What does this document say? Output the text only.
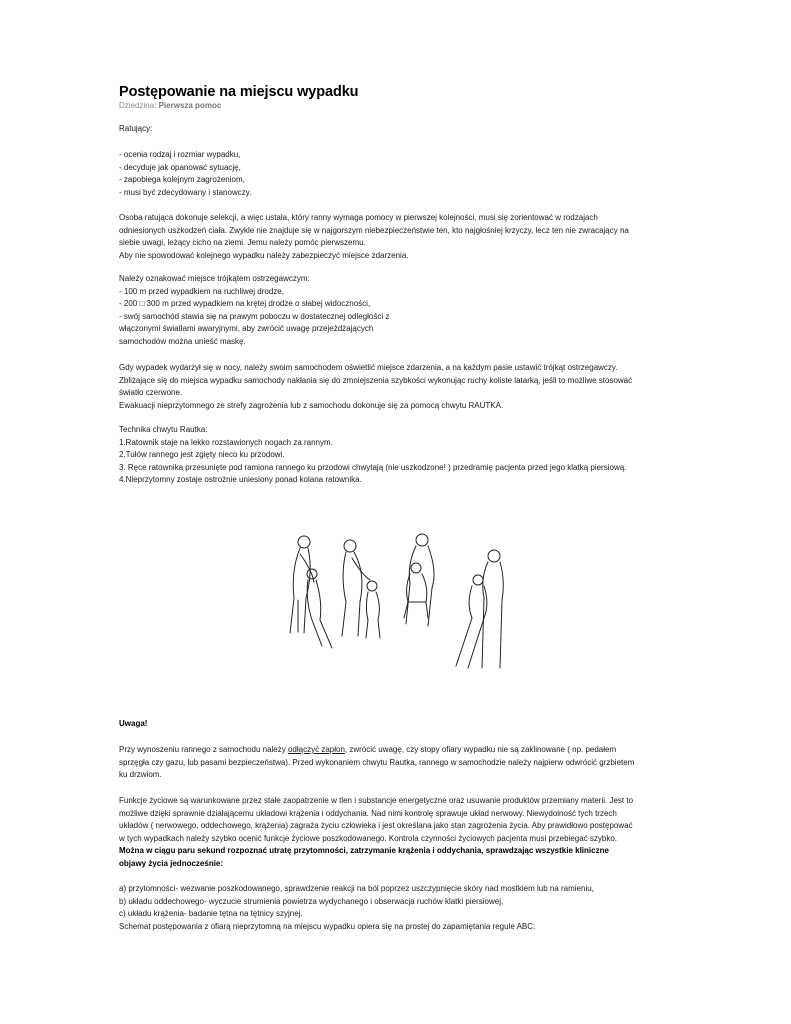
Postępowanie na miejscu wypadku
Dziedzina: Pierwsza pomoc

Ratujący:

- ocenia rodzaj i rozmiar wypadku,

- decyduje jak opanować sytuację,

- zapobiega kolejnym zagrożeniom,

- musi być zdecydowany i stanowczy.

Osoba ratująca dokonuje selekcji, a więc ustala, który ranny wymaga pomocy w pierwszej kolejności, musi się zorientować w rodzajach

odniesionych uszkodzeń ciała. Zwykle nie znajduje się w najgorszym niebezpieczeństwie ten, kto najgłośniej krzyczy, lecz ten nie zwracający na

siebie uwagi, leżący cicho na ziemi. Jemu należy pomóc pierwszemu.

Aby nie spowodować kolejnego wypadku należy zabezpieczyć miejsce zdarzenia.

Należy oznakować miejsce trójkątem ostrzegawczym:

- 100 m przed wypadkiem na ruchliwej drodze,

- 200 □ 300 m przed wypadkiem na krętej drodze o słabej widoczności,

- swój samochód stawia się na prawym poboczu w dostatecznej odległości z

włączonymi światłami awaryjnymi, aby zwrócić uwagę przejeżdżających

samochodów można unieść maskę.

Gdy wypadek wydarzył się w nocy, należy swoim samochodem oświetlić miejsce zdarzenia, a na każdym pasie ustawić trójkąt ostrzegawczy.

Zbliżające się do miejsca wypadku samochody nakłania się do zmniejszenia szybkości wykonując ruchy koliste latarką, jeśli to możliwe stosować

światło czerwone.

Ewakuacji nieprzytomnego ze strefy zagrożenia lub z samochodu dokonuje się za pomocą chwytu RAUTKA.

Technika chwytu Rautka:

1.Ratownik staje na lekko rozstawionych nogach za rannym.

2.Tułów rannego jest zgięty nieco ku przodowi.

3. Ręce ratownika przesunięte pod ramiona rannego ku przodowi chwytają (nie uszkodzone! ) przedramię pacjenta przed jego klatką piersiową.

4.Nieprzytomny zostaje ostrożnie uniesiony ponad kolana ratownika.

Uwaga!

Przy wynoszeniu rannego z samochodu należy odłączyć zapłon, zwrócić uwagę, czy stopy ofiary wypadku nie są zaklinowane ( np. pedałem

sprzęgła czy gazu, lub pasami bezpieczeństwa). Przed wykonaniem chwytu Rautka, rannego w samochodzie należy najpierw odwrócić grzbietem

ku drzwiom.

Funkcje życiowe są warunkowane przez stałe zaopatrzenie w tlen i substancje energetyczne oraz usuwanie produktów przemiany materii. Jest to

możliwe dzięki sprawnie działającemu układowi krążenia i oddychania. Nad nimi kontrolę sprawuje układ nerwowy. Niewydolność tych trzech

układów ( nerwowego, oddechowego, krążenia) zagraża życiu człowieka i jest określana jako stan zagrożenia życia. Aby prawidłowo postępować

w tych wypadkach należy szybko ocenić funkcje życiowe poszkodowanego. Kontrola czynności życiowych pacjenta musi przebiegać szybko.

Można w ciągu paru sekund rozpoznać utratę przytomności, zatrzymanie krążenia i oddychania, sprawdzając wszystkie kliniczne

objawy życia jednocześnie:

a) przytomności- wezwanie poszkodowanego, sprawdzenie reakcji na ból poprzez uszczypnięcie skóry nad mostkiem lub na ramieniu,

b) układu oddechowego- wyczucie strumienia powietrza wydychanego i obserwacja ruchów klatki piersiowej,

c) układu krążenia- badanie tętna na tętnicy szyjnej.

Schemat postępowania z ofiarą nieprzytomną na miejscu wypadku opiera się na prostej do zapamiętania regule ABC:
